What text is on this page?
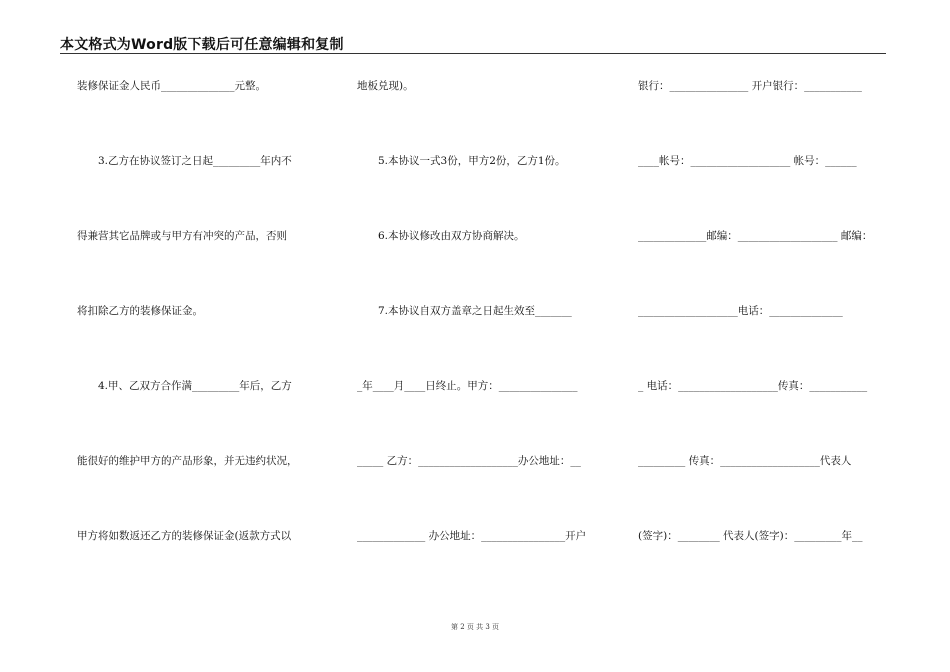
本文格式为Word版下载后可任意编辑和复制
装修保证金人民币______________元整。
　　3.乙方在协议签订之日起_________年内不
得兼营其它品牌或与甲方有冲突的产品，否则
将扣除乙方的装修保证金。
　　4.甲、乙双方合作满_________年后，乙方
能很好的维护甲方的产品形象，并无违约状况，
甲方将如数返还乙方的装修保证金(返款方式以
地板兑现)。
　　5.本协议一式3份，甲方2份，乙方1份。
　　6.本协议修改由双方协商解决。
　　7.本协议自双方盖章之日起生效至_______
_年____月____日终止。甲方：_______________
_____ 乙方：___________________办公地址：__
_____________ 办公地址：________________开户
银行：_______________ 开户银行：___________
____帐号：___________________ 帐号：______
_____________邮编：___________________ 邮编：
___________________电话：______________
_ 电话：___________________传真：___________
_________ 传真：___________________代表人
(签字)：________ 代表人(签字)：_________年__
第 2 页 共 3 页
